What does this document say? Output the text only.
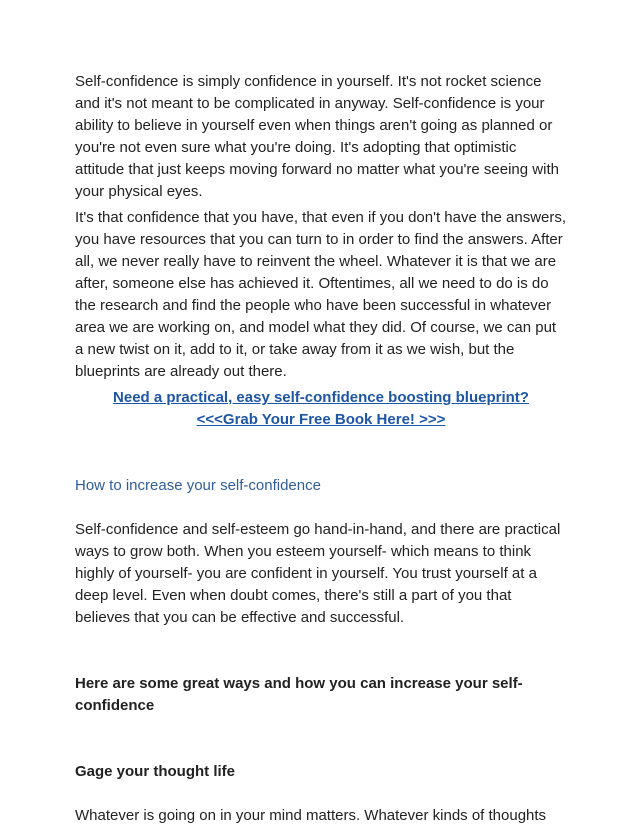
Self-confidence is simply confidence in yourself. It's not rocket science and it's not meant to be complicated in anyway. Self-confidence is your ability to believe in yourself even when things aren't going as planned or you're not even sure what you're doing. It's adopting that optimistic attitude that just keeps moving forward no matter what you're seeing with your physical eyes.

It's that confidence that you have, that even if you don't have the answers, you have resources that you can turn to in order to find the answers. After all, we never really have to reinvent the wheel. Whatever it is that we are after, someone else has achieved it. Oftentimes, all we need to do is do the research and find the people who have been successful in whatever area we are working on, and model what they did. Of course, we can put a new twist on it, add to it, or take away from it as we wish, but the blueprints are already out there.

Need a practical, easy self-confidence boosting blueprint?
<<<Grab Your Free Book Here! >>>

How to increase your self-confidence

Self-confidence and self-esteem go hand-in-hand, and there are practical ways to grow both. When you esteem yourself- which means to think highly of yourself- you are confident in yourself. You trust yourself at a deep level. Even when doubt comes, there's still a part of you that believes that you can be effective and successful.

Here are some great ways and how you can increase your self-confidence

Gage your thought life

Whatever is going on in your mind matters. Whatever kinds of thoughts
